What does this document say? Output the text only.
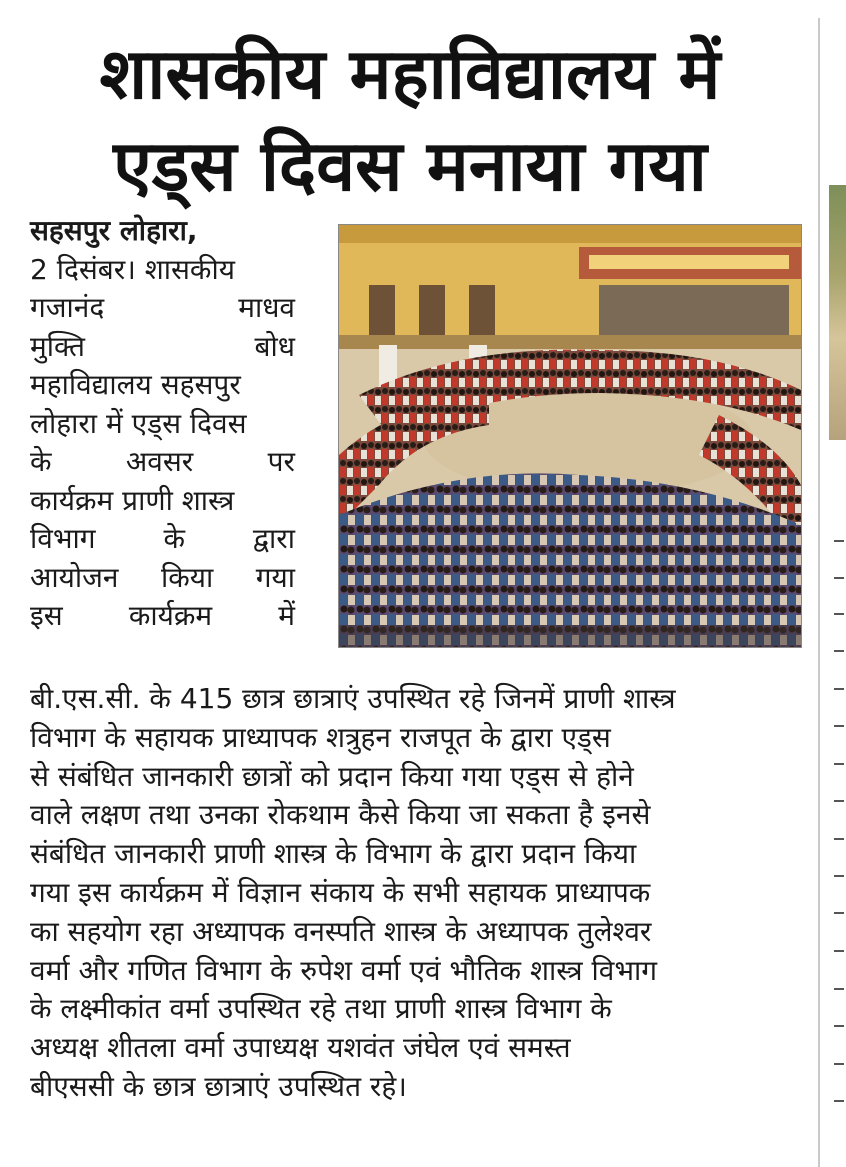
शासकीय महाविद्यालय में
एड्स दिवस मनाया गया
सहसपुर लोहारा,
2 दिसंबर। शासकीय
गजानंद माधव
मुक्ति बोध
महाविद्यालय सहसपुर
लोहारा में एड्स दिवस
के अवसर पर
कार्यक्रम प्राणी शास्त्र
विभाग के द्वारा
आयोजन किया गया
इस कार्यक्रम में
बी.एस.सी. के 415 छात्र छात्राएं उपस्थित रहे जिनमें प्राणी शास्त्र
विभाग के सहायक प्राध्यापक शत्रुहन राजपूत के द्वारा एड्स
से संबंधित जानकारी छात्रों को प्रदान किया गया एड्स से होने
वाले लक्षण तथा उनका रोकथाम कैसे किया जा सकता है इनसे
संबंधित जानकारी प्राणी शास्त्र के विभाग के द्वारा प्रदान किया
गया इस कार्यक्रम में विज्ञान संकाय के सभी सहायक प्राध्यापक
का सहयोग रहा अध्यापक वनस्पति शास्त्र के अध्यापक तुलेश्वर
वर्मा और गणित विभाग के रुपेश वर्मा एवं भौतिक शास्त्र विभाग
के लक्ष्मीकांत वर्मा उपस्थित रहे तथा प्राणी शास्त्र विभाग के
अध्यक्ष शीतला वर्मा उपाध्यक्ष यशवंत जंघेल एवं समस्त
बीएससी के छात्र छात्राएं उपस्थित रहे।
